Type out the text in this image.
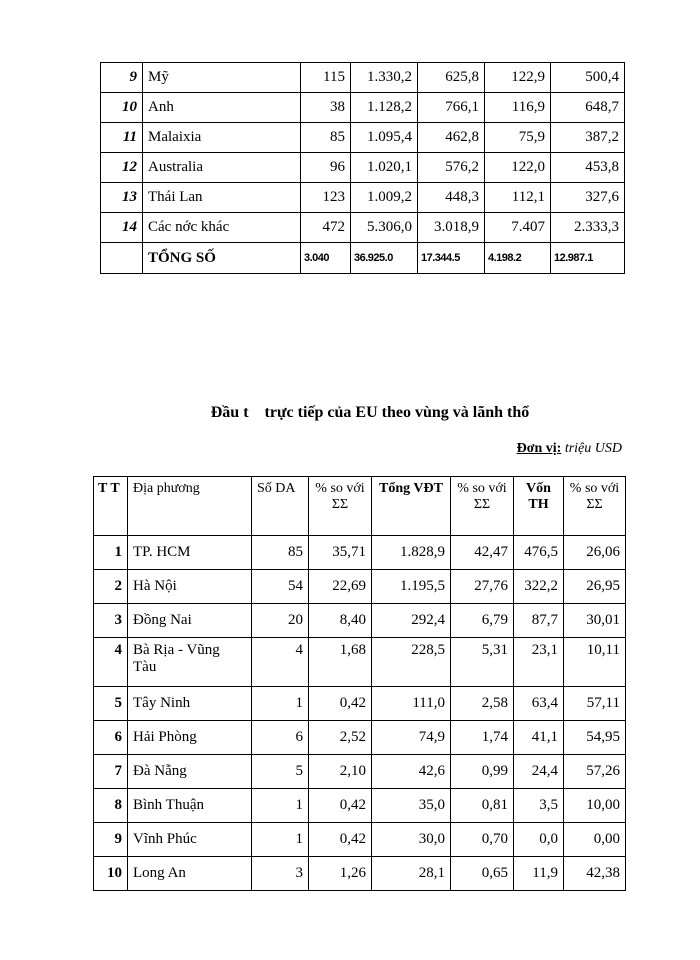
9	Mỹ	115	1.330,2	625,8	122,9	500,4
10	Anh	38	1.128,2	766,1	116,9	648,7
11	Malaixia	85	1.095,4	462,8	75,9	387,2
12	Australia	96	1.020,1	576,2	122,0	453,8
13	Thái Lan	123	1.009,2	448,3	112,1	327,6
14	Các nớc khác	472	5.306,0	3.018,9	7.407	2.333,3
	TỔNG SỐ	3.040	36.925.0	17.344.5	4.198.2	12.987.1
Đầu t    trực tiếp của EU theo vùng và lãnh thổ
Đơn vị: triệu USD
T T	Địa phương	Số DA	% so với ΣΣ	Tổng VĐT	% so với ΣΣ	Vốn TH	% so với ΣΣ
1	TP. HCM	85	35,71	1.828,9	42,47	476,5	26,06
2	Hà Nội	54	22,69	1.195,5	27,76	322,2	26,95
3	Đồng Nai	20	8,40	292,4	6,79	87,7	30,01
4	Bà Rịa - Vũng Tàu	4	1,68	228,5	5,31	23,1	10,11
5	Tây Ninh	1	0,42	111,0	2,58	63,4	57,11
6	Hải Phòng	6	2,52	74,9	1,74	41,1	54,95
7	Đà Nẵng	5	2,10	42,6	0,99	24,4	57,26
8	Bình Thuận	1	0,42	35,0	0,81	3,5	10,00
9	Vĩnh Phúc	1	0,42	30,0	0,70	0,0	0,00
10	Long An	3	1,26	28,1	0,65	11,9	42,38
